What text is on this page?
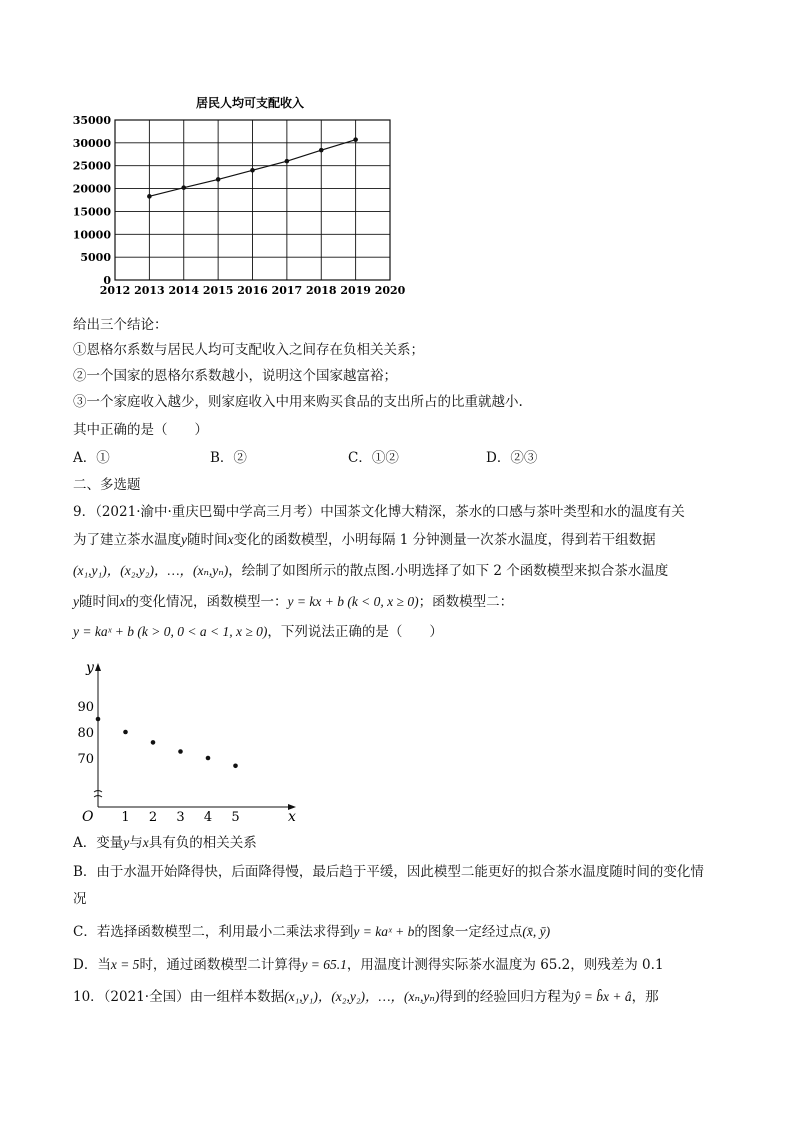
居民人均可支配收入
35000
30000
25000
20000
15000
10000
5000
0
2012 2013 2014 2015 2016 2017 2018 2019 2020
给出三个结论：
①恩格尔系数与居民人均可支配收入之间存在负相关关系；
②一个国家的恩格尔系数越小，说明这个国家越富裕；
③一个家庭收入越少，则家庭收入中用来购买食品的支出所占的比重就越小.
其中正确的是（　　）
A．①	B．②	C．①②	D．②③
二、多选题
9．（2021·渝中·重庆巴蜀中学高三月考）中国茶文化博大精深，茶水的口感与茶叶类型和水的温度有关
为了建立茶水温度y随时间x变化的函数模型，小明每隔 1 分钟测量一次茶水温度，得到若干组数据
(x₁,y₁)，(x₂,y₂)，…，(xₙ,yₙ)，绘制了如图所示的散点图.小明选择了如下 2 个函数模型来拟合茶水温度
y随时间x的变化情况，函数模型一：y = kx + b (k < 0, x ≥ 0)；函数模型二：
y = kaˣ + b (k > 0, 0 < a < 1, x ≥ 0)，下列说法正确的是（　　）
y
x
O
90
80
70
1 2 3 4 5
A．变量y与x具有负的相关关系
B．由于水温开始降得快，后面降得慢，最后趋于平缓，因此模型二能更好的拟合茶水温度随时间的变化情
况
C．若选择函数模型二，利用最小二乘法求得到y = kaˣ + b的图象一定经过点(x̄, ȳ)
D．当x = 5时，通过函数模型二计算得y = 65.1，用温度计测得实际茶水温度为 65.2，则残差为 0.1
10．（2021·全国）由一组样本数据(x₁,y₁)，(x₂,y₂)，…，(xₙ,yₙ)得到的经验回归方程为ŷ = b̂x + â，那
